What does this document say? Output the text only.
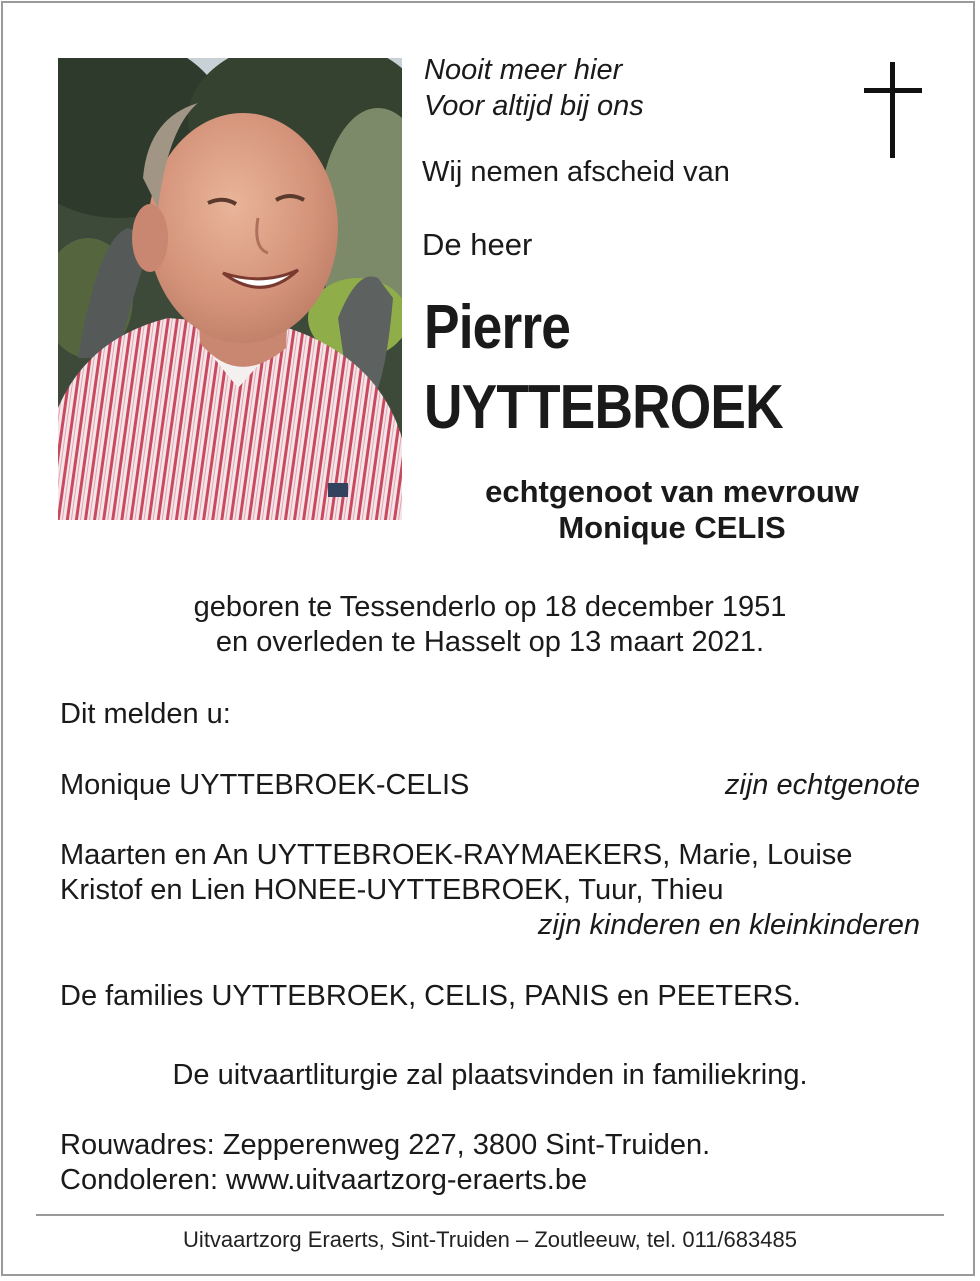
Nooit meer hier
Voor altijd bij ons
Wij nemen afscheid van
De heer
Pierre
UYTTEBROEK
echtgenoot van mevrouw
Monique CELIS
geboren te Tessenderlo op 18 december 1951
en overleden te Hasselt op 13 maart 2021.
Dit melden u:
Monique UYTTEBROEK-CELIS	zijn echtgenote
Maarten en An UYTTEBROEK-RAYMAEKERS, Marie, Louise
Kristof en Lien HONEE-UYTTEBROEK, Tuur, Thieu
zijn kinderen en kleinkinderen
De families UYTTEBROEK, CELIS, PANIS en PEETERS.
De uitvaartliturgie zal plaatsvinden in familiekring.
Rouwadres: Zepperenweg 227, 3800 Sint-Truiden.
Condoleren: www.uitvaartzorg-eraerts.be
Uitvaartzorg Eraerts, Sint-Truiden – Zoutleeuw, tel. 011/683485
